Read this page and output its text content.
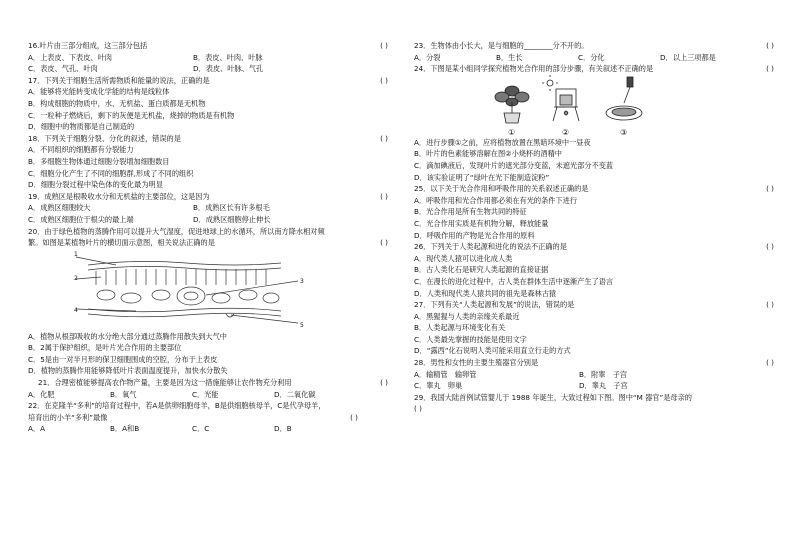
16.叶片由三部分组成，这三部分包括	( )
A．上表皮、下表皮、叶肉	B．表皮、叶肉、叶脉
C．表皮、气孔、叶肉	D．表皮、叶脉、气孔
17．下列关于细胞生活所需物质和能量的说法，正确的是	( )
A．能够将光能转变成化学能的结构是线粒体
B．构成细胞的物质中，水、无机盐、蛋白质都是无机物
C．一粒种子燃烧后，剩下的灰便是无机盐，烧掉的物质是有机物
D．细胞中的物质都是自己制造的
18．下列关于细胞分裂、分化的叙述，错误的是	( )
A．不同组织的细胞都有分裂能力
B．多细胞生物体通过细胞分裂增加细胞数目
C．细胞分化产生了不同的细胞群,形成了不同的组织
D．细胞分裂过程中染色体的变化最为明显
19．成熟区是根吸收水分和无机盐的主要部位，这是因为	( )
A．成熟区细胞较大	B．成熟区长有许多根毛
C．成熟区细胞位于根尖的最上端	D．成熟区细胞停止伸长
20．由于绿色植物的蒸腾作用可以提升大气湿度，促进地球上的水循环，所以南方降水相对频
繁。如图是某植物叶片的横切面示意图，相关说法正确的是	( )
1
2	3
4
5
A．植物从根部吸收的水分绝大部分通过蒸腾作用散失到大气中
B．2属于保护组织，是叶片光合作用的主要部位
C．5是由一对半月形的保卫细胞围成的空腔，分布于上表皮
D．植物的蒸腾作用能够降低叶片表面温度提升，加快水分散失
21．合理密植能够提高农作物产量，主要是因为这一措施能够让农作物充分利用	( )
A．化肥	B．氧气	C．光能	D．二氧化碳
22．在克隆羊“多利”的培育过程中，若A是供卵细胞母羊，B是供细胞核母羊，C是代孕母羊，
培育出的小羊“多利”最像	( )
A．A	B．A和B	C．C	D．B
23．生物体由小长大，是与细胞的________分不开的。	( )
A．分裂	B．生长	C．分化	D．以上三项都是
24．下图是某小组同学探究植物光合作用的部分步骤，有关叙述不正确的是	( )
①	②	③
A．进行步骤①之前，应将植物放置在黑暗环境中一昼夜
B．叶片的色素能够溶解在图②小烧杯的酒精中
C．滴加碘液后，发现叶片的遮光部分变蓝，未遮光部分不变蓝
D．该实验证明了“绿叶在光下能制造淀粉”
25．以下关于光合作用和呼吸作用的关系叙述正确的是	( )
A．呼吸作用和光合作用都必须在有光的条件下进行
B．光合作用是所有生物共同的特征
C．光合作用实质是有机物分解，释放能量
D．呼吸作用的产物是光合作用的原料
26．下列关于人类起源和进化的说法不正确的是	( )
A．现代类人猿可以进化成人类
B．古人类化石是研究人类起源的直接证据
C．在漫长的进化过程中，古人类在群体生活中逐渐产生了语言
D．人类和现代类人猿共同的祖先是森林古猿
27．下列有关“人类起源和发展”的说法，错误的是	( )
A．黑猩猩与人类的亲缘关系最近
B．人类起源与环境变化有关
C．人类最先掌握的技能是使用文字
D．“露西”化石说明人类可能采用直立行走的方式
28．男性和女性的主要生殖器官分别是	( )
A．输精管　输卵管	B．附睾　子宫
C．睾丸　卵巢	D．睾丸　子宫
29．我国大陆首例试管婴儿于 1988 年诞生，大致过程如下图。图中“M 器官”是母亲的
( )
